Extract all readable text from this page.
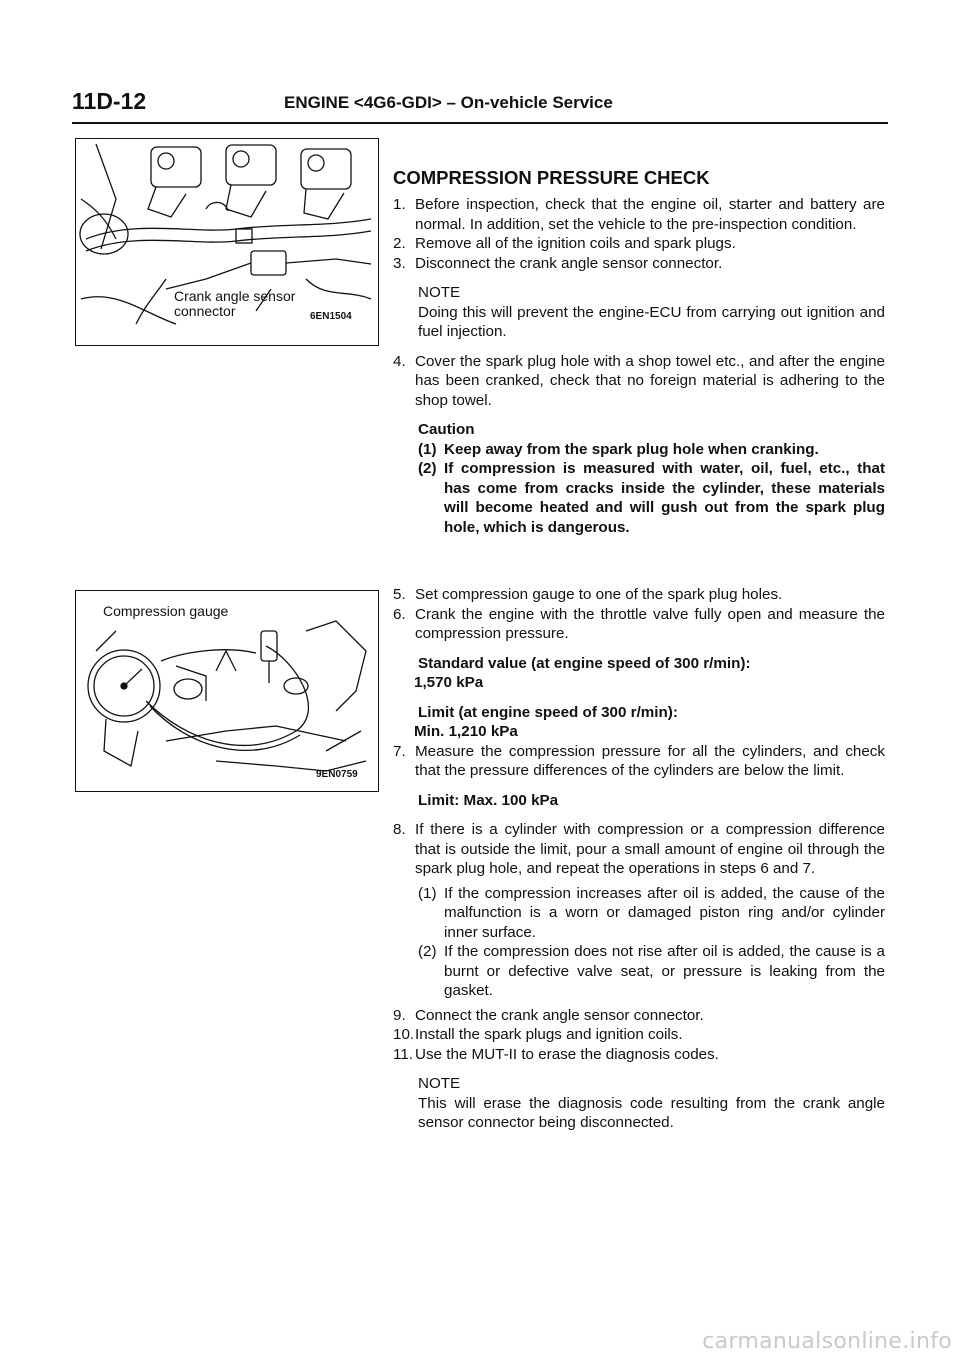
11D-12	ENGINE <4G6-GDI> – On-vehicle Service
Crank angle sensor
connector	6EN1504
Compression gauge
9EN0759
COMPRESSION PRESSURE CHECK
1. Before inspection, check that the engine oil, starter and battery are normal. In addition, set the vehicle to the pre-inspection condition.
2. Remove all of the ignition coils and spark plugs.
3. Disconnect the crank angle sensor connector.
NOTE
Doing this will prevent the engine-ECU from carrying out ignition and fuel injection.
4. Cover the spark plug hole with a shop towel etc., and after the engine has been cranked, check that no foreign material is adhering to the shop towel.
Caution
(1) Keep away from the spark plug hole when cranking.
(2) If compression is measured with water, oil, fuel, etc., that has come from cracks inside the cylinder, these materials will become heated and will gush out from the spark plug hole, which is dangerous.
5. Set compression gauge to one of the spark plug holes.
6. Crank the engine with the throttle valve fully open and measure the compression pressure.
Standard value (at engine speed of 300 r/min):
1,570 kPa
Limit (at engine speed of 300 r/min):
Min. 1,210 kPa
7. Measure the compression pressure for all the cylinders, and check that the pressure differences of the cylinders are below the limit.
Limit: Max. 100 kPa
8. If there is a cylinder with compression or a compression difference that is outside the limit, pour a small amount of engine oil through the spark plug hole, and repeat the operations in steps 6 and 7.
(1) If the compression increases after oil is added, the cause of the malfunction is a worn or damaged piston ring and/or cylinder inner surface.
(2) If the compression does not rise after oil is added, the cause is a burnt or defective valve seat, or pressure is leaking from the gasket.
9. Connect the crank angle sensor connector.
10. Install the spark plugs and ignition coils.
11. Use the MUT-II to erase the diagnosis codes.
NOTE
This will erase the diagnosis code resulting from the crank angle sensor connector being disconnected.
carmanualsonline.info
